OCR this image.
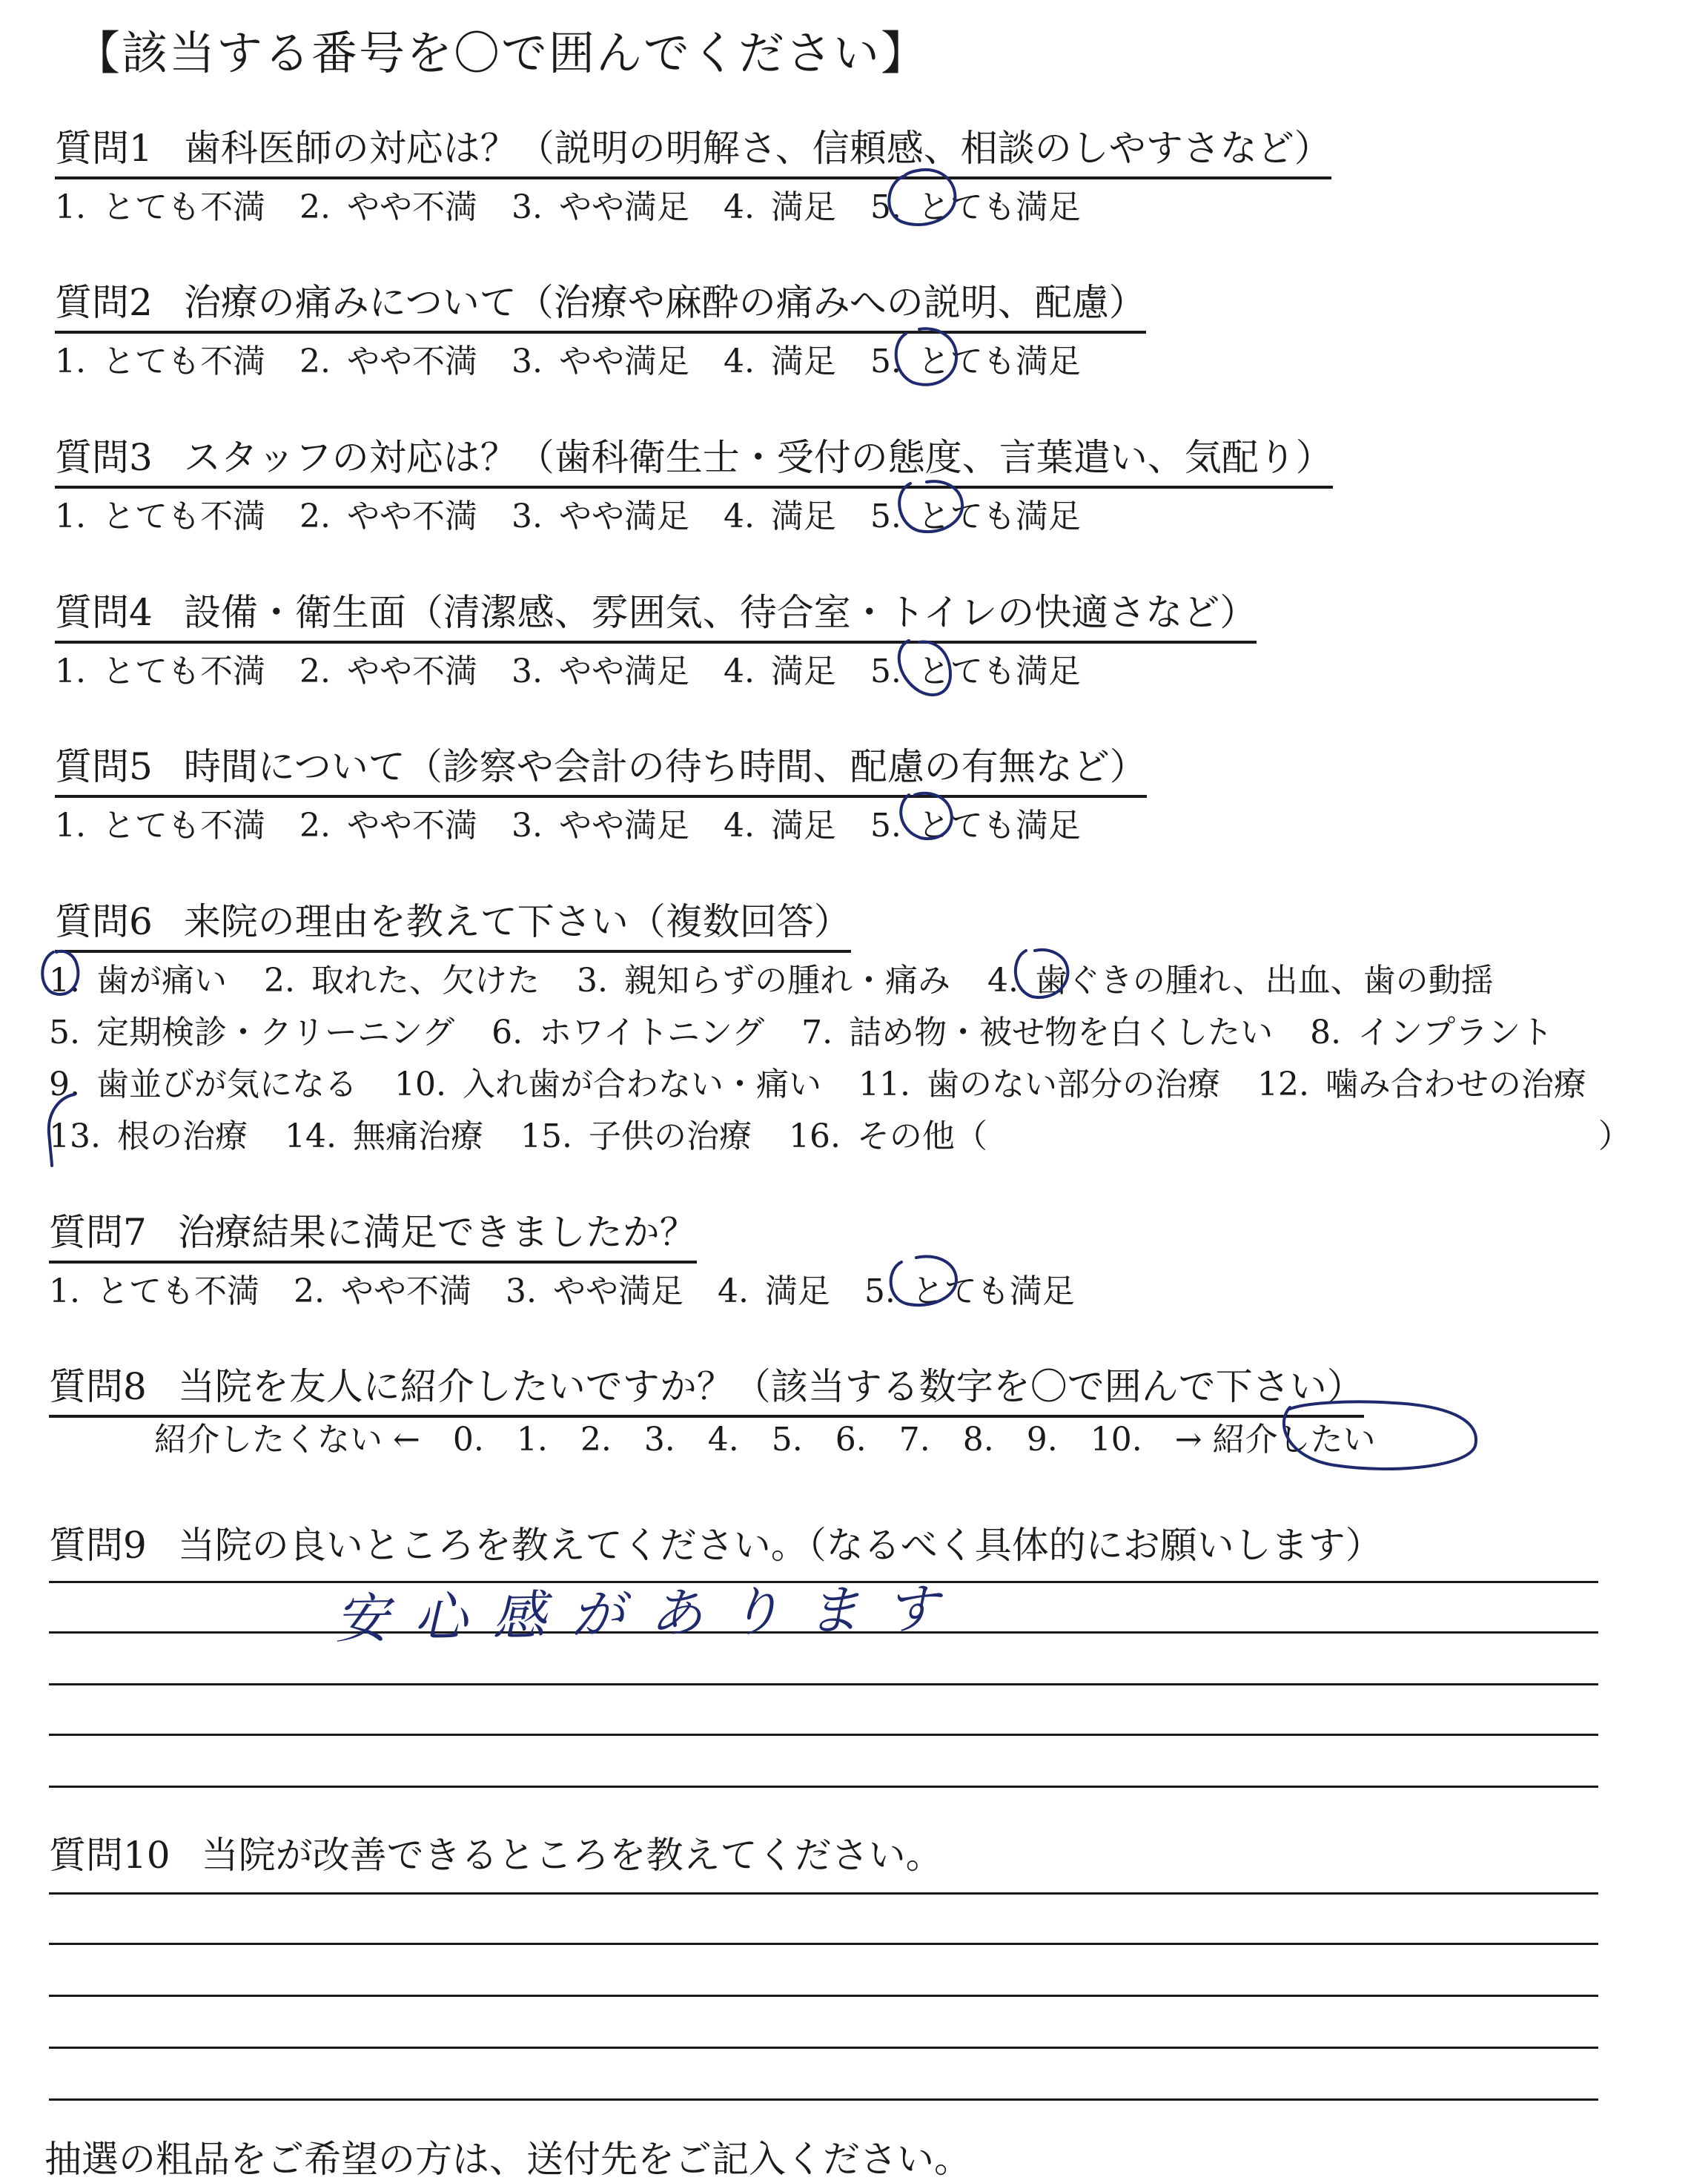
【該当する番号を〇で囲んでください】
質問1 歯科医師の対応は？（説明の明解さ、信頼感、相談のしやすさなど）
1. とても不満 2. やや不満 3. やや満足 4. 満足 5. とても満足
質問2 治療の痛みについて（治療や麻酔の痛みへの説明、配慮）
1. とても不満 2. やや不満 3. やや満足 4. 満足 5. とても満足
質問3 スタッフの対応は？（歯科衛生士・受付の態度、言葉遣い、気配り）
1. とても不満 2. やや不満 3. やや満足 4. 満足 5. とても満足
質問4 設備・衛生面（清潔感、雰囲気、待合室・トイレの快適さなど）
1. とても不満 2. やや不満 3. やや満足 4. 満足 5. とても満足
質問5 時間について（診察や会計の待ち時間、配慮の有無など）
1. とても不満 2. やや不満 3. やや満足 4. 満足 5. とても満足
質問6 来院の理由を教えて下さい（複数回答）
1. 歯が痛い 2. 取れた、欠けた 3. 親知らずの腫れ・痛み 4. 歯ぐきの腫れ、出血、歯の動揺
5. 定期検診・クリーニング 6. ホワイトニング 7. 詰め物・被せ物を白くしたい 8. インプラント
9. 歯並びが気になる 10. 入れ歯が合わない・痛い 11. 歯のない部分の治療 12. 噛み合わせの治療
13. 根の治療 14. 無痛治療 15. 子供の治療 16. その他（	）
質問7 治療結果に満足できましたか？
1. とても不満 2. やや不満 3. やや満足 4. 満足 5. とても満足
質問8 当院を友人に紹介したいですか？（該当する数字を〇で囲んで下さい）
紹介したくない ← 0. 1. 2. 3. 4. 5. 6. 7. 8. 9. 10. → 紹介したい
質問9 当院の良いところを教えてください。（なるべく具体的にお願いします）
安心感があります
質問10 当院が改善できるところを教えてください。
抽選の粗品をご希望の方は、送付先をご記入ください。
